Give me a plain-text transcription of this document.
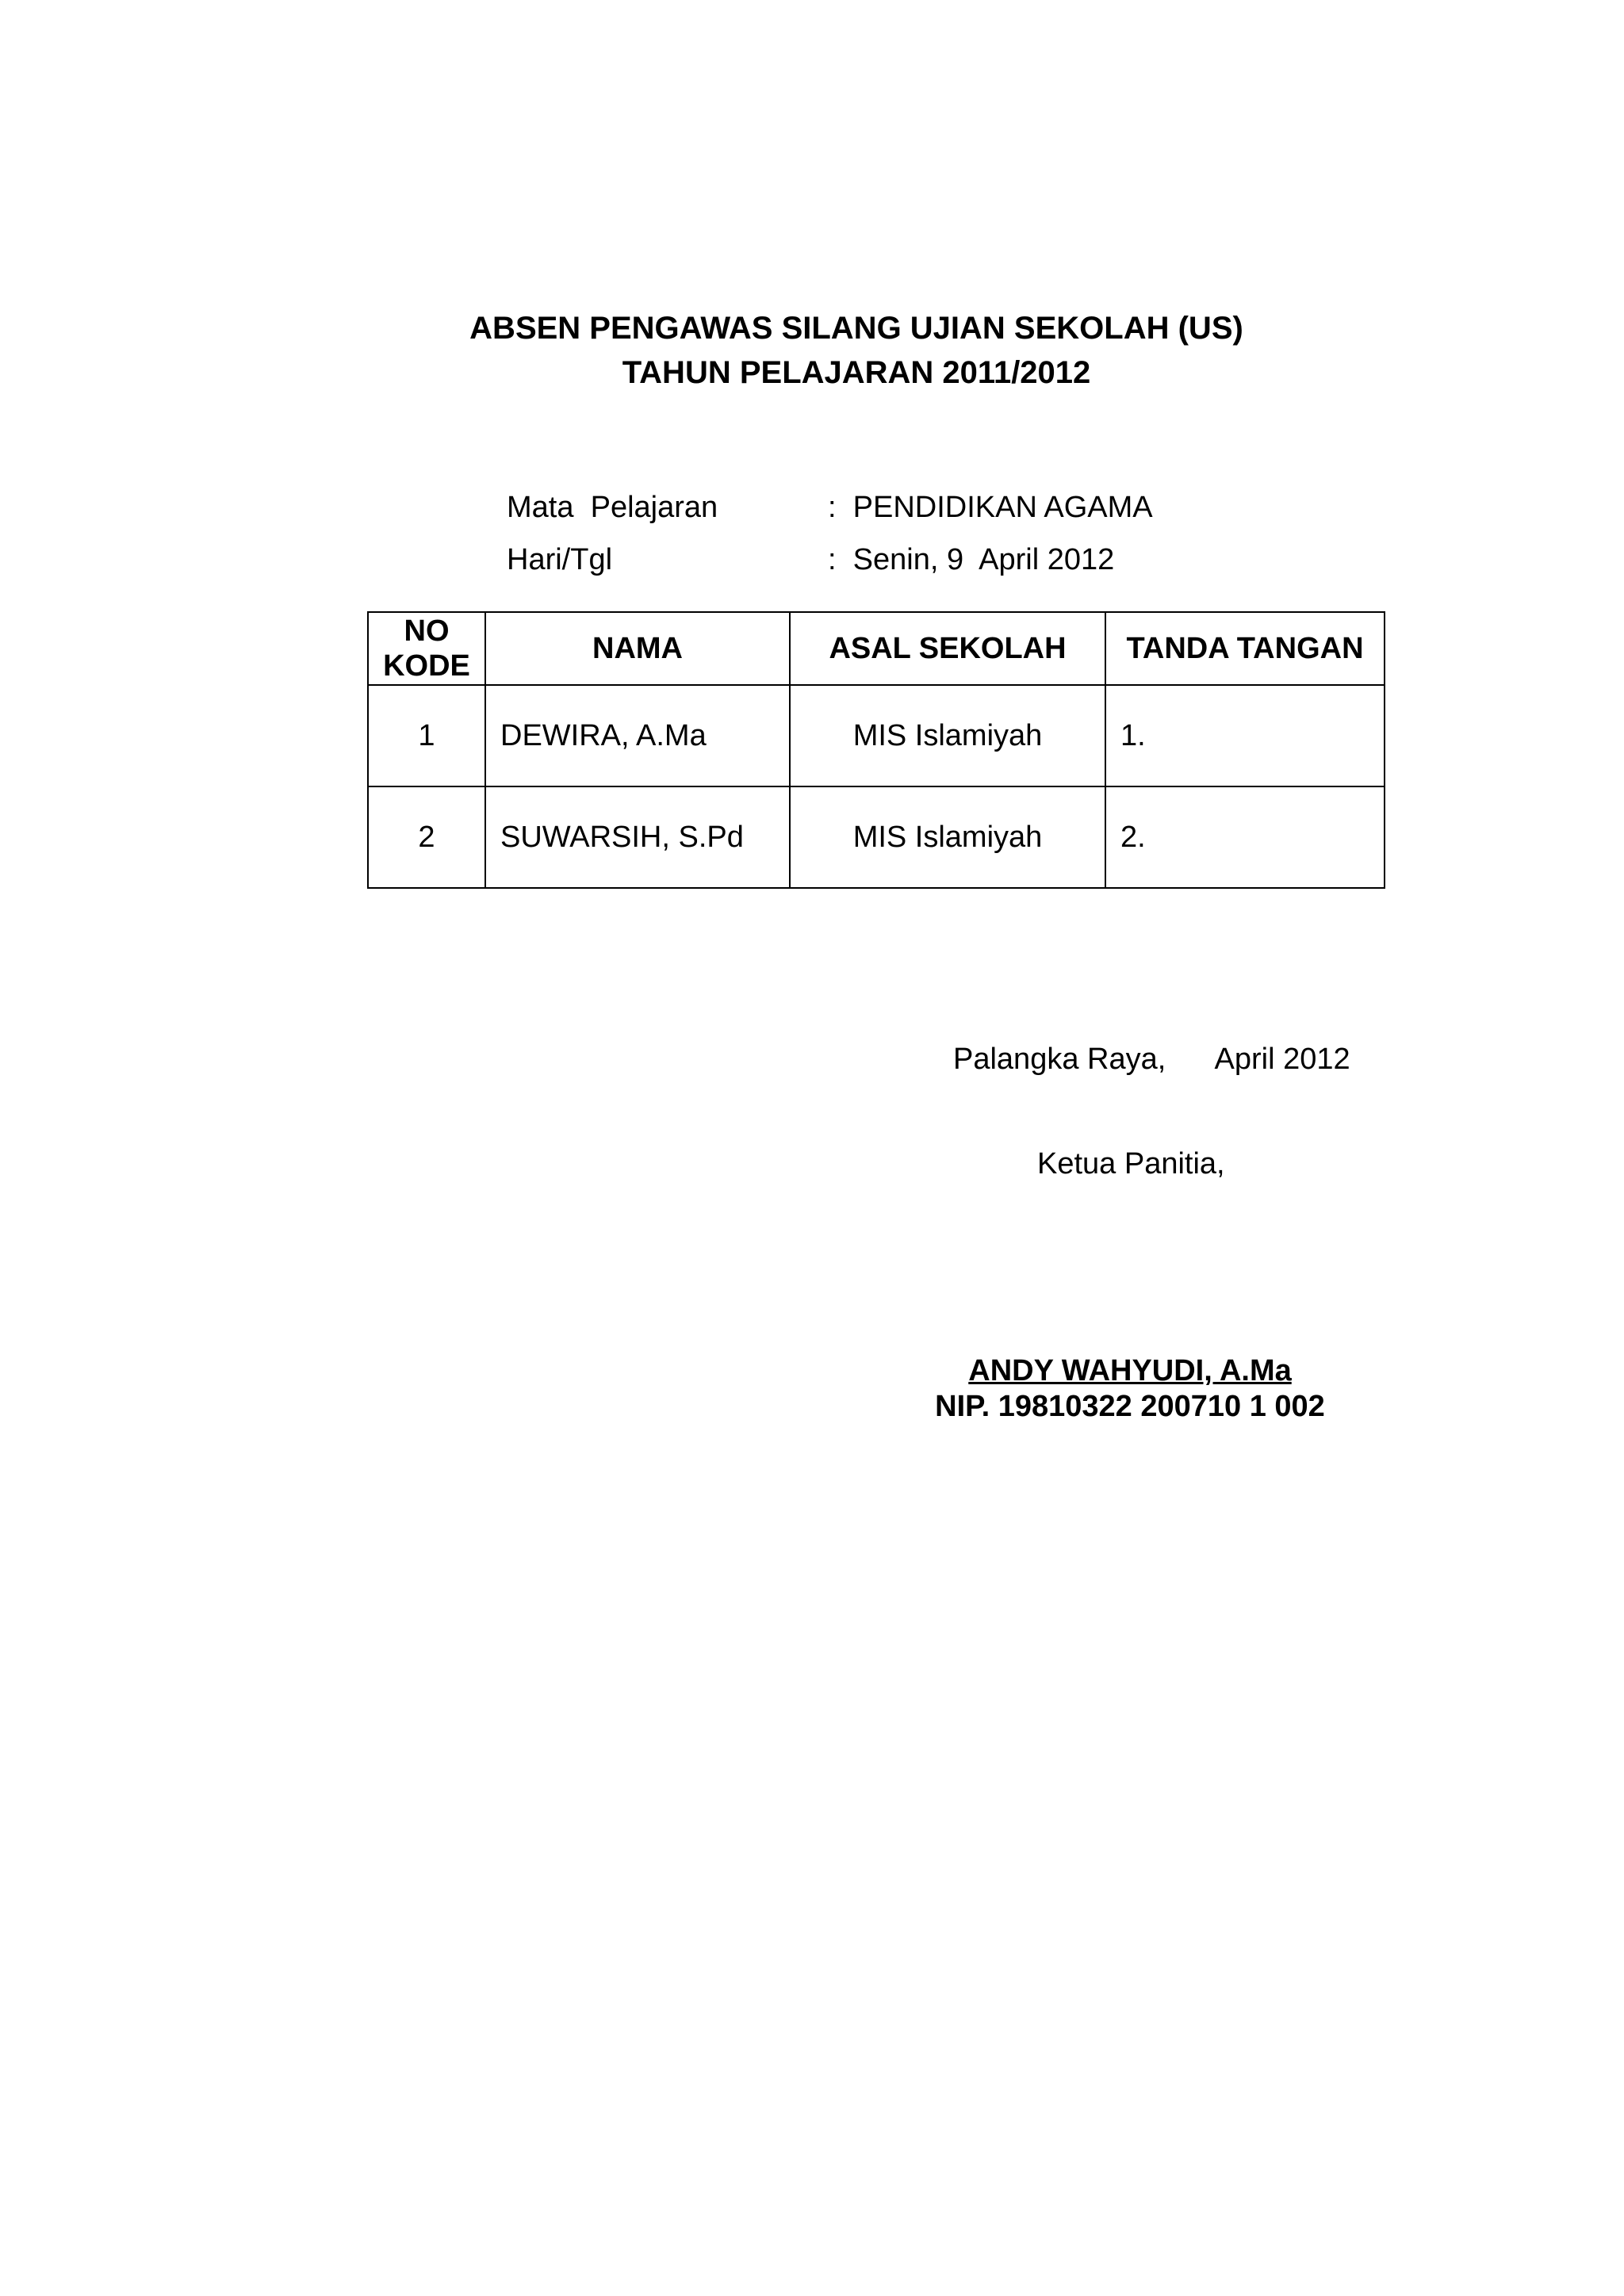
ABSEN PENGAWAS SILANG UJIAN SEKOLAH (US)
TAHUN PELAJARAN 2011/2012
Mata  Pelajaran	:  PENDIDIKAN AGAMA
Hari/Tgl	:  Senin, 9  April 2012
NO
KODE	NAMA	ASAL SEKOLAH	TANDA TANGAN
1	DEWIRA, A.Ma	MIS Islamiyah	1.
2	SUWARSIH, S.Pd	MIS Islamiyah	2.
Palangka Raya,      April 2012
Ketua Panitia,
ANDY WAHYUDI, A.Ma
NIP. 19810322 200710 1 002
